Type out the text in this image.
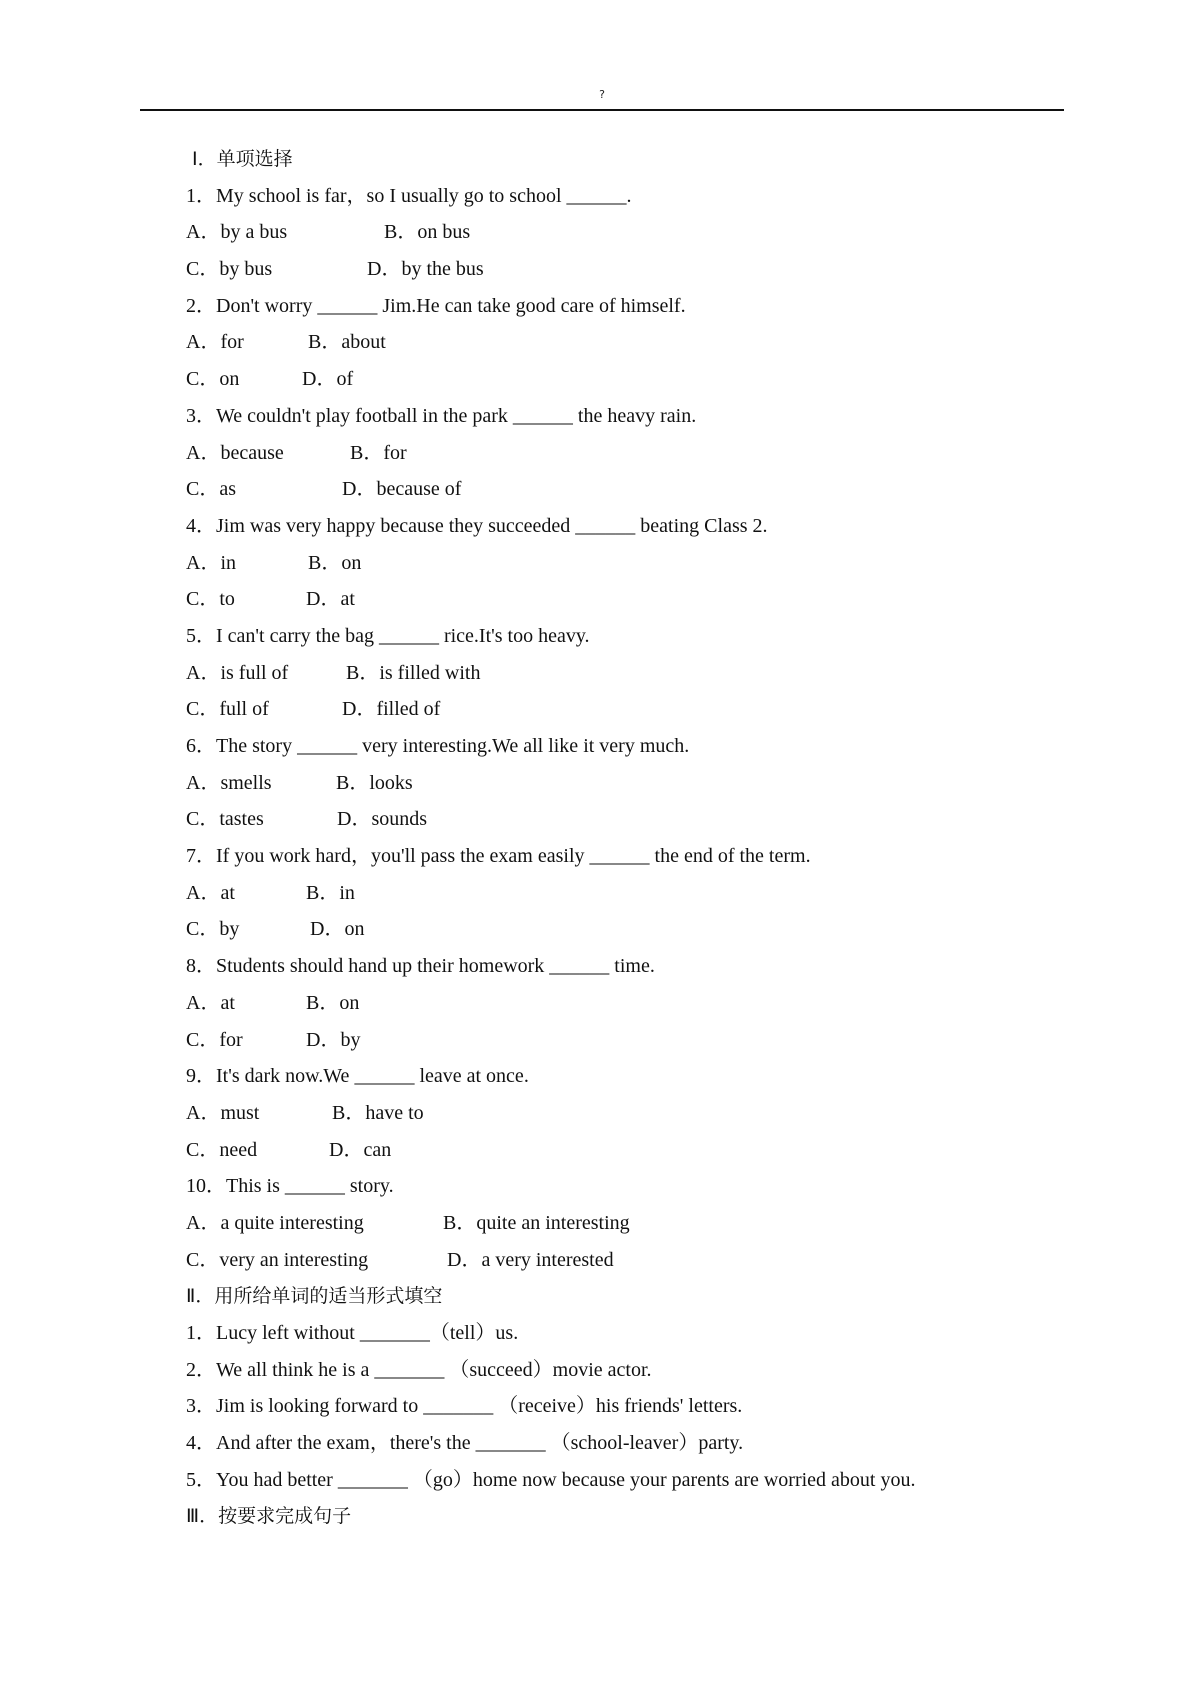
?
Ⅰ．单项选择
1．My school is far，so I usually go to school ______.
A．by a bus	B．on bus
C．by bus	D．by the bus
2．Don't worry ______ Jim.He can take good care of himself.
A．for	B．about
C．on	D．of
3．We couldn't play football in the park ______ the heavy rain.
A．because	B．for
C．as	D．because of
4．Jim was very happy because they succeeded ______ beating Class 2.
A．in	B．on
C．to	D．at
5．I can't carry the bag ______ rice.It's too heavy.
A．is full of	B．is filled with
C．full of	D．filled of
6．The story ______ very interesting.We all like it very much.
A．smells	B．looks
C．tastes	D．sounds
7．If you work hard，you'll pass the exam easily ______ the end of the term.
A．at	B．in
C．by	D．on
8．Students should hand up their homework ______ time.
A．at	B．on
C．for	D．by
9．It's dark now.We ______ leave at once.
A．must	B．have to
C．need	D．can
10．This is ______ story.
A．a quite interesting	B．quite an interesting
C．very an interesting	D．a very interested
Ⅱ．用所给单词的适当形式填空
1．Lucy left without _______（tell）us.
2．We all think he is a _______ （succeed）movie actor.
3．Jim is looking forward to _______ （receive）his friends' letters.
4．And after the exam，there's the _______ （school-leaver）party.
5．You had better _______ （go）home now because your parents are worried about you.
Ⅲ．按要求完成句子
